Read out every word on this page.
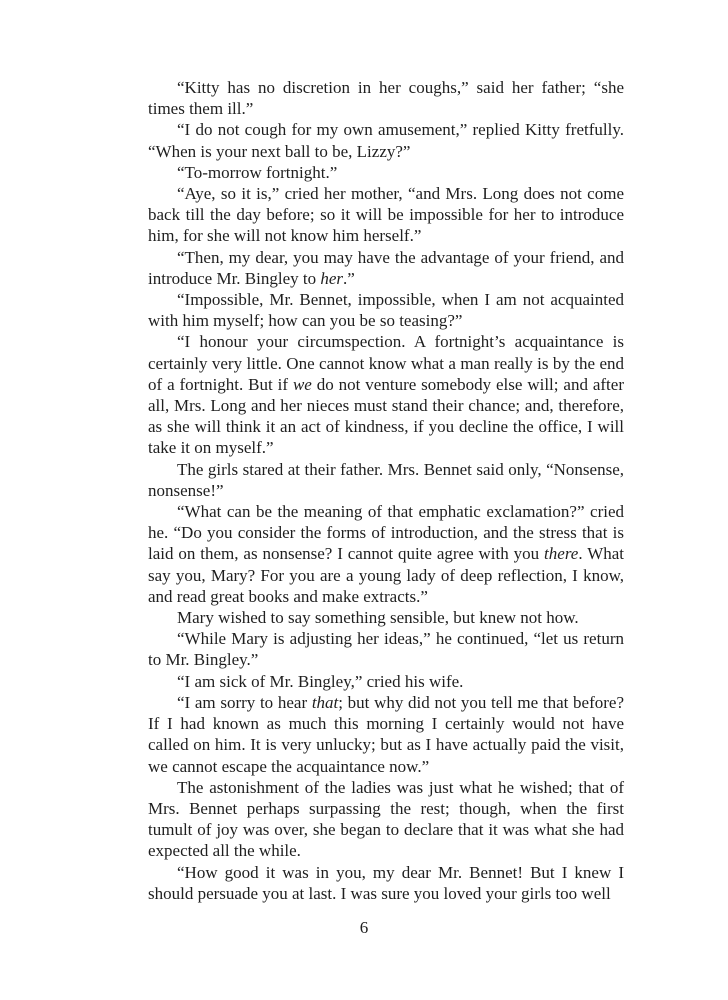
“Kitty has no discretion in her coughs,” said her father; “she times them ill.”

“I do not cough for my own amusement,” replied Kitty fretfully. “When is your next ball to be, Lizzy?”

“To-morrow fortnight.”

“Aye, so it is,” cried her mother, “and Mrs. Long does not come back till the day before; so it will be impossible for her to introduce him, for she will not know him herself.”

“Then, my dear, you may have the advantage of your friend, and introduce Mr. Bingley to her.”

“Impossible, Mr. Bennet, impossible, when I am not acquainted with him myself; how can you be so teasing?”

“I honour your circumspection. A fortnight’s acquaintance is certainly very little. One cannot know what a man really is by the end of a fortnight. But if we do not venture somebody else will; and after all, Mrs. Long and her nieces must stand their chance; and, therefore, as she will think it an act of kindness, if you decline the office, I will take it on myself.”

The girls stared at their father. Mrs. Bennet said only, “Nonsense, nonsense!”

“What can be the meaning of that emphatic exclamation?” cried he. “Do you consider the forms of introduction, and the stress that is laid on them, as nonsense? I cannot quite agree with you there. What say you, Mary? For you are a young lady of deep reflection, I know, and read great books and make extracts.”

Mary wished to say something sensible, but knew not how.

“While Mary is adjusting her ideas,” he continued, “let us return to Mr. Bingley.”

“I am sick of Mr. Bingley,” cried his wife.

“I am sorry to hear that; but why did not you tell me that before? If I had known as much this morning I certainly would not have called on him. It is very unlucky; but as I have actually paid the visit, we cannot escape the acquaintance now.”

The astonishment of the ladies was just what he wished; that of Mrs. Bennet perhaps surpassing the rest; though, when the first tumult of joy was over, she began to declare that it was what she had expected all the while.

“How good it was in you, my dear Mr. Bennet! But I knew I should persuade you at last. I was sure you loved your girls too well

6
